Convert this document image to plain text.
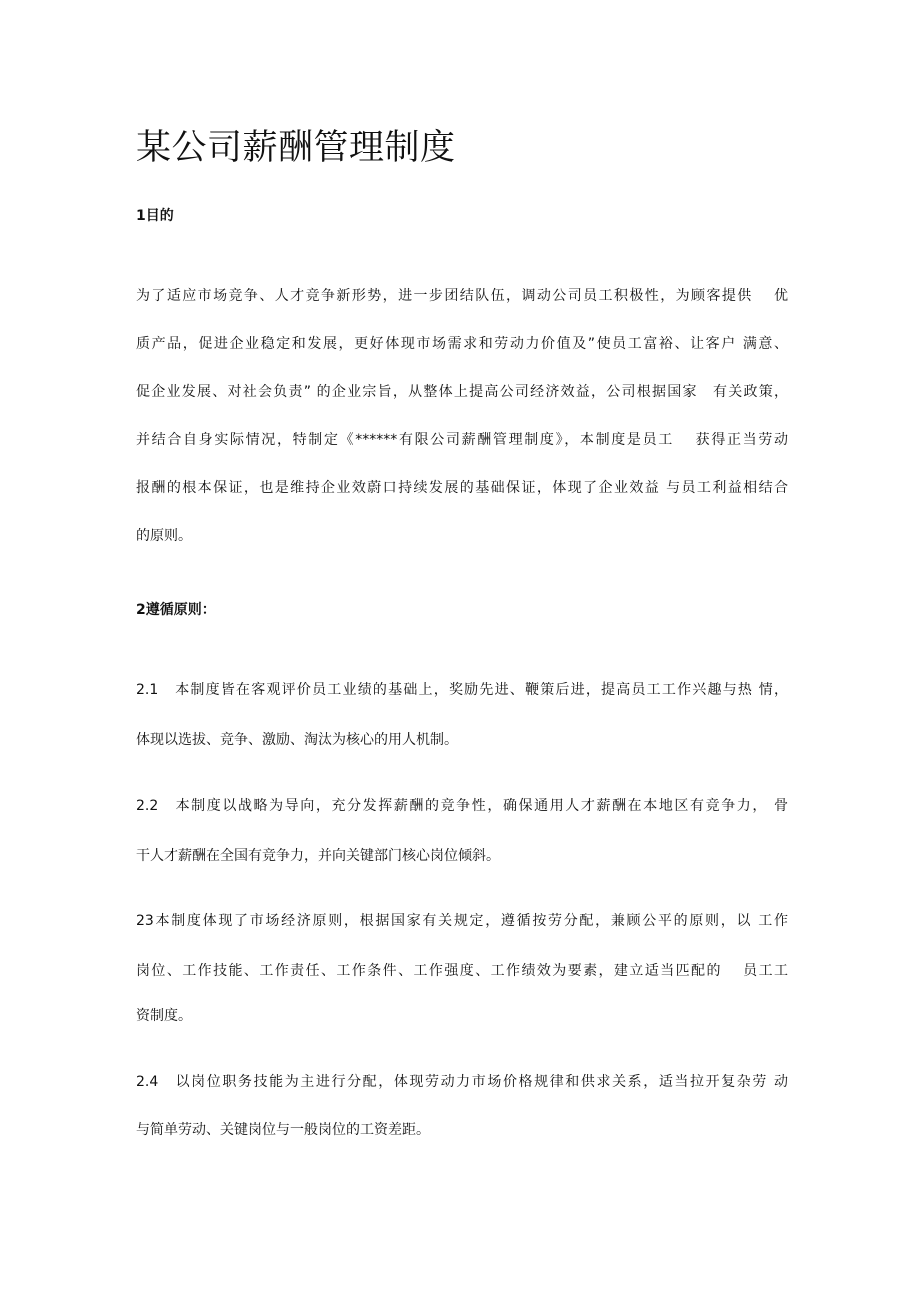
某公司薪酬管理制度
1目的

为了适应市场竞争、人才竞争新形势，进一步团结队伍，调动公司员工积极性，为顾客提供　 优

质产品，促进企业稳定和发展，更好体现市场需求和劳动力价值及”使员工富裕、让客户 满意、

促企业发展、对社会负责” 的企业宗旨，从整体上提高公司经济效益，公司根据国家　有关政策，

并结合自身实际情况，特制定《******有限公司薪酬管理制度》，本制度是员工　 获得正当劳动

报酬的根本保证，也是维持企业效蔚口持续发展的基础保证，体现了企业效益 与员工利益相结合

的原则。

2遵循原则：

2.1 本制度皆在客观评价员工业绩的基础上，奖励先进、鞭策后进，提高员工工作兴趣与热 情，

体现以选拔、竞争、激励、淘汰为核心的用人机制。

2.2 本制度以战略为导向，充分发挥薪酬的竞争性，确保通用人才薪酬在本地区有竞争力， 骨

干人才薪酬在全国有竞争力，并向关键部门核心岗位倾斜。

23本制度体现了市场经济原则，根据国家有关规定，遵循按劳分配，兼顾公平的原则，以 工作

岗位、工作技能、工作责任、工作条件、工作强度、工作绩效为要素，建立适当匹配的　 员工工

资制度。

2.4 以岗位职务技能为主进行分配，体现劳动力市场价格规律和供求关系，适当拉开复杂劳 动

与简单劳动、关键岗位与一般岗位的工资差距。
